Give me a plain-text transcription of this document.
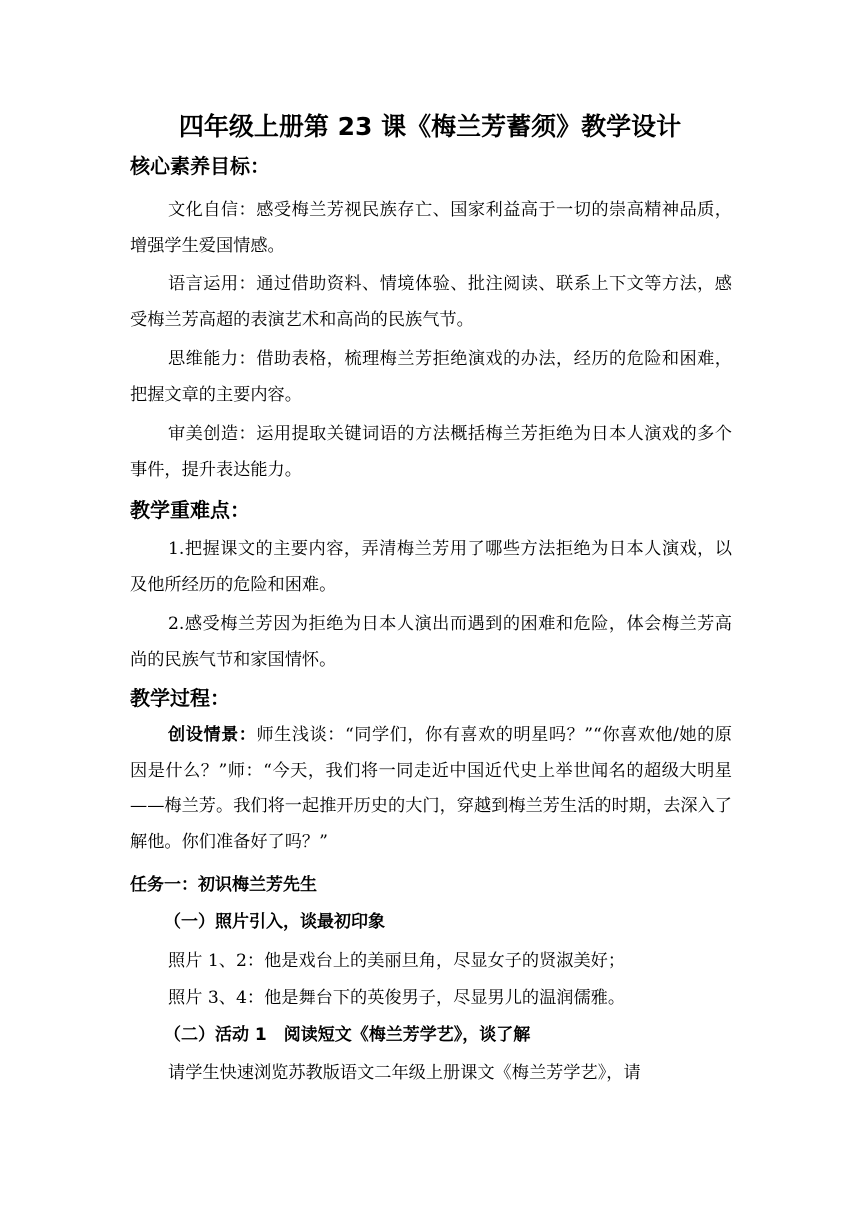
四年级上册第 23 课《梅兰芳蓄须》教学设计
核心素养目标：

文化自信：感受梅兰芳视民族存亡、国家利益高于一切的崇高精神品质，增强学生爱国情感。

语言运用：通过借助资料、情境体验、批注阅读、联系上下文等方法，感受梅兰芳高超的表演艺术和高尚的民族气节。

思维能力：借助表格，梳理梅兰芳拒绝演戏的办法，经历的危险和困难，把握文章的主要内容。

审美创造：运用提取关键词语的方法概括梅兰芳拒绝为日本人演戏的多个事件，提升表达能力。

教学重难点：

1.把握课文的主要内容，弄清梅兰芳用了哪些方法拒绝为日本人演戏，以及他所经历的危险和困难。

2.感受梅兰芳因为拒绝为日本人演出而遇到的困难和危险，体会梅兰芳高尚的民族气节和家国情怀。

教学过程：

创设情景：师生浅谈：“同学们，你有喜欢的明星吗？”“你喜欢他/她的原因是什么？”师：“今天，我们将一同走近中国近代史上举世闻名的超级大明星——梅兰芳。我们将一起推开历史的大门，穿越到梅兰芳生活的时期，去深入了解他。你们准备好了吗？”

任务一：初识梅兰芳先生
（一）照片引入，谈最初印象

照片 1、2：他是戏台上的美丽旦角，尽显女子的贤淑美好；

照片 3、4：他是舞台下的英俊男子，尽显男儿的温润儒雅。

（二）活动 1　阅读短文《梅兰芳学艺》，谈了解

请学生快速浏览苏教版语文二年级上册课文《梅兰芳学艺》，请
